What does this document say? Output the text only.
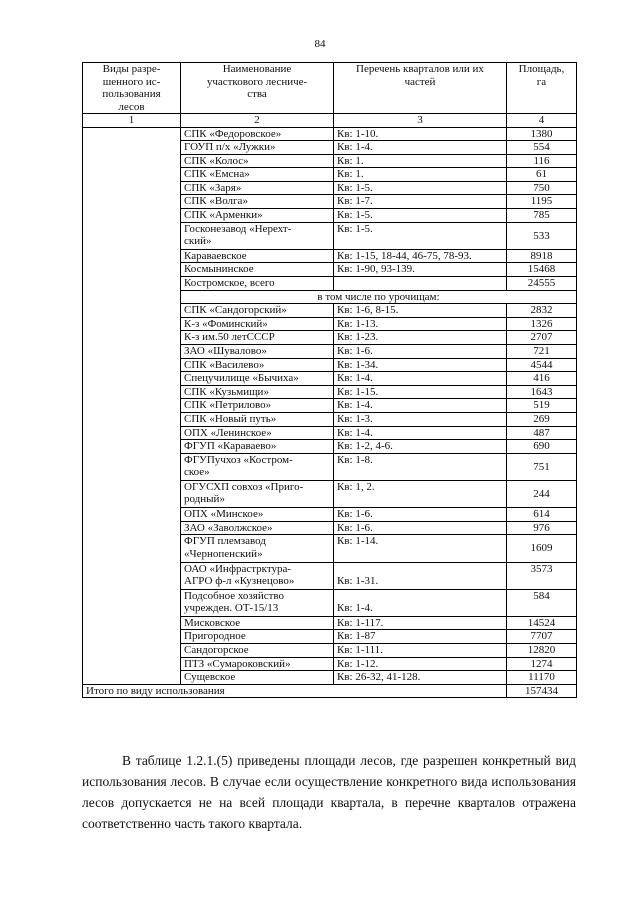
84
Виды разре-
шенного ис-
пользования
лесов	Наименование
участкового лесниче-
ства	Перечень кварталов или их
частей	Площадь,
га
1	2	3	4
	СПК «Федоровское»	Кв: 1-10.	1380
	ГОУП п/х «Лужки»	Кв: 1-4.	554
	СПК «Колос»	Кв: 1.	116
	СПК «Емсна»	Кв: 1.	61
	СПК «Заря»	Кв: 1-5.	750
	СПК «Волга»	Кв: 1-7.	1195
	СПК «Арменки»	Кв: 1-5.	785
	Госконезавод «Нерехт-
ский»	Кв: 1-5.	533
	Караваевское	Кв: 1-15, 18-44, 46-75, 78-93.	8918
	Космынинское	Кв: 1-90, 93-139.	15468
	Костромское, всего		24555
	в том числе по урочищам:		
	СПК «Сандогорский»	Кв: 1-6, 8-15.	2832
	К-з «Фоминский»	Кв: 1-13.	1326
	К-з им.50 летСССР	Кв: 1-23.	2707
	ЗАО «Шувалово»	Кв: 1-6.	721
	СПК «Василево»	Кв: 1-34.	4544
	Спецучилище «Бычиха»	Кв: 1-4.	416
	СПК «Кузьмищи»	Кв: 1-15.	1643
	СПК «Петрилово»	Кв: 1-4.	519
	СПК «Новый путь»	Кв: 1-3.	269
	ОПХ «Ленинское»	Кв: 1-4.	487
	ФГУП «Караваево»	Кв: 1-2, 4-6.	690
	ФГУПучхоз «Костром-
ское»	Кв: 1-8.	751
	ОГУСХП совхоз «Приго-
родный»	Кв: 1, 2.	244
	ОПХ «Минское»	Кв: 1-6.	614
	ЗАО «Заволжское»	Кв: 1-6.	976
	ФГУП племзавод
«Чернопенский»	Кв: 1-14.	1609
	ОАО «Инфрастрктура-
АГРО ф-л «Кузнецово»	Кв: 1-31.	3573
	Подсобное хозяйство
учрежден. ОТ-15/13	Кв: 1-4.	584
	Мисковское	Кв: 1-117.	14524
	Пригородное	Кв: 1-87	7707
	Сандогорское	Кв: 1-111.	12820
	ПТЗ «Сумароковский»	Кв: 1-12.	1274
	Сущевское	Кв: 26-32, 41-128.	11170
Итого по виду использования			157434

В таблице 1.2.1.(5) приведены площади лесов, где разрешен конкретный вид использования лесов. В случае если осуществление конкретного вида использования лесов допускается не на всей площади квартала, в перечне кварталов отражена соответственно часть такого квартала.
